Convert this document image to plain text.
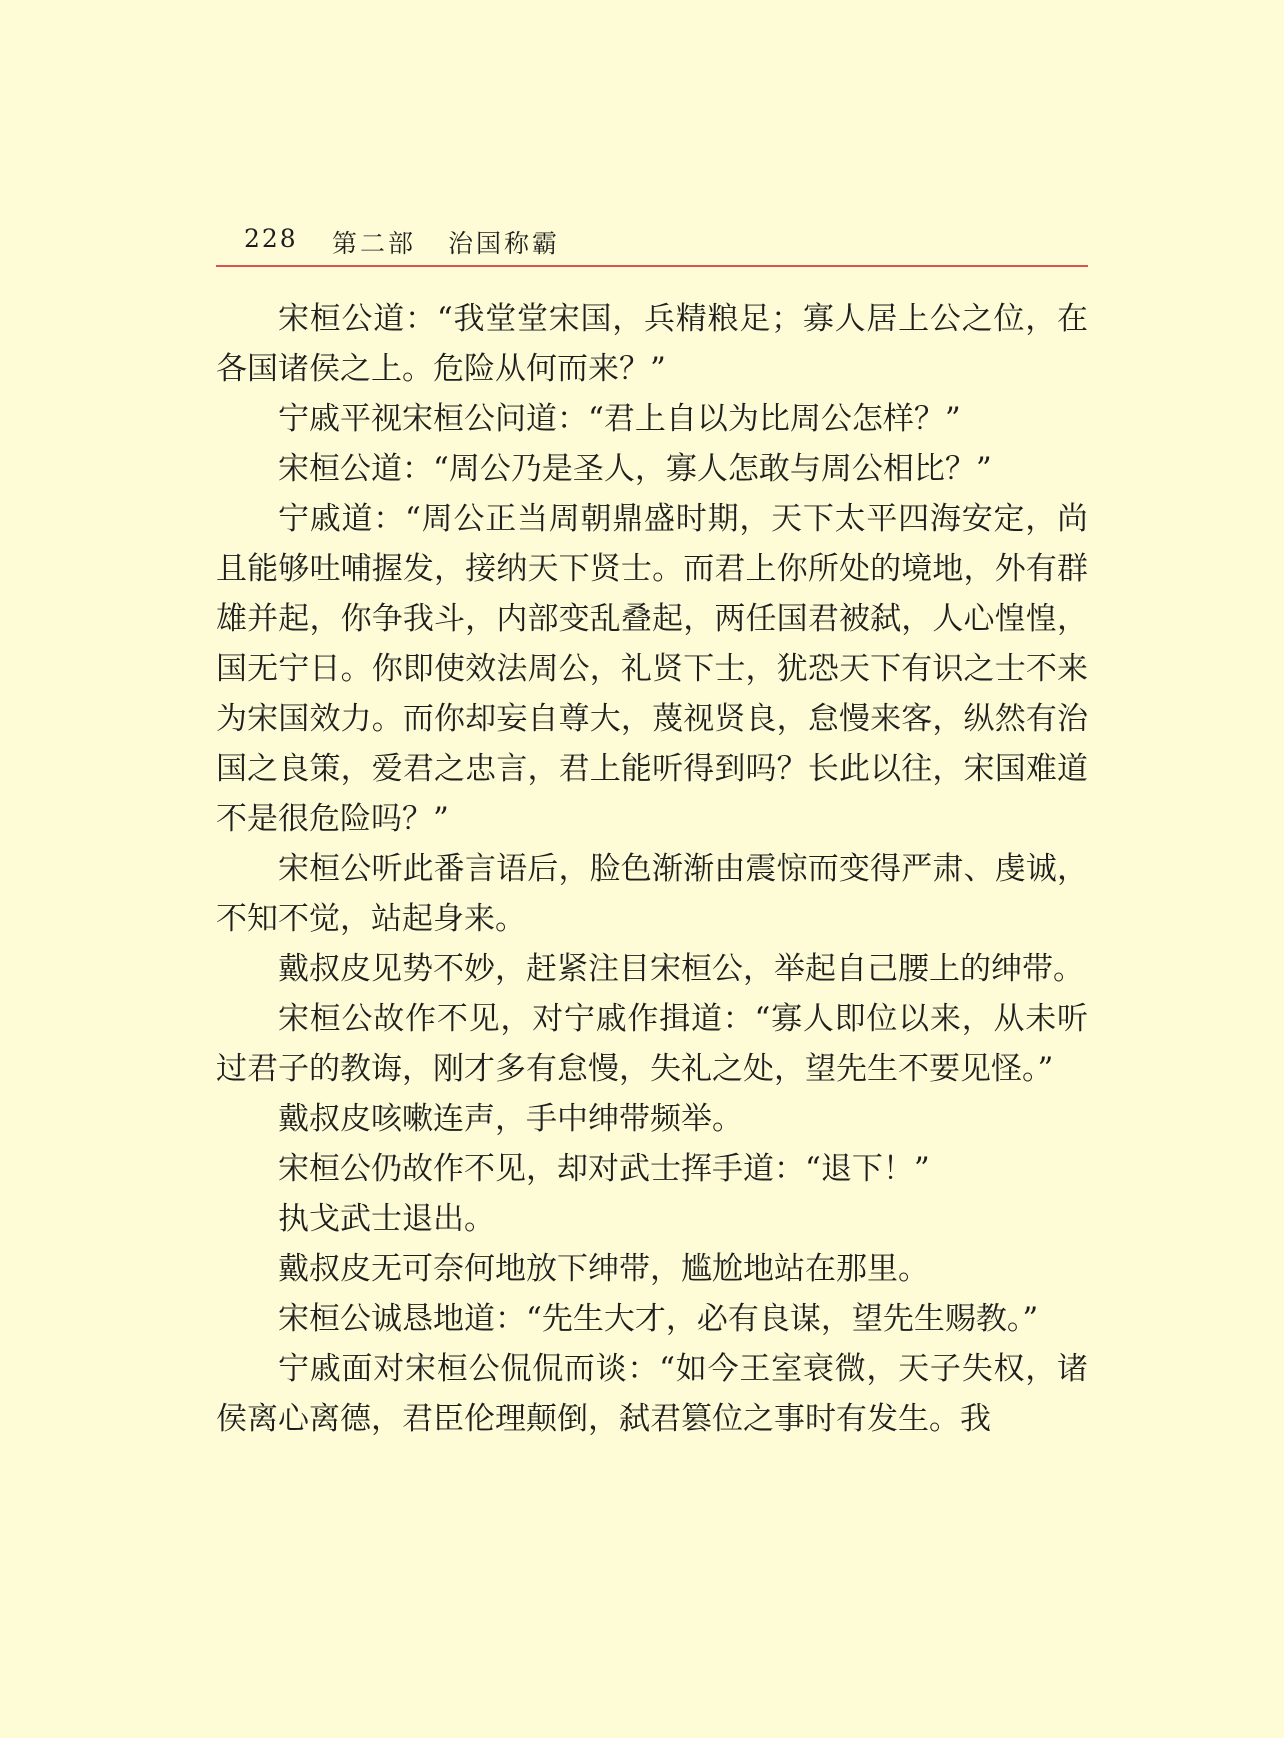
228 第二部 治国称霸

宋桓公道：“我堂堂宋国，兵精粮足；寡人居上公之位，在各国诸侯之上。危险从何而来？”

宁戚平视宋桓公问道：“君上自以为比周公怎样？”

宋桓公道：“周公乃是圣人，寡人怎敢与周公相比？”

宁戚道：“周公正当周朝鼎盛时期，天下太平四海安定，尚且能够吐哺握发，接纳天下贤士。而君上你所处的境地，外有群雄并起，你争我斗，内部变乱叠起，两任国君被弑，人心惶惶，国无宁日。你即使效法周公，礼贤下士，犹恐天下有识之士不来为宋国效力。而你却妄自尊大，蔑视贤良，怠慢来客，纵然有治国之良策，爱君之忠言，君上能听得到吗？长此以往，宋国难道不是很危险吗？”

宋桓公听此番言语后，脸色渐渐由震惊而变得严肃、虔诚，不知不觉，站起身来。

戴叔皮见势不妙，赶紧注目宋桓公，举起自己腰上的绅带。

宋桓公故作不见，对宁戚作揖道：“寡人即位以来，从未听过君子的教诲，刚才多有怠慢，失礼之处，望先生不要见怪。”

戴叔皮咳嗽连声，手中绅带频举。

宋桓公仍故作不见，却对武士挥手道：“退下！”

执戈武士退出。

戴叔皮无可奈何地放下绅带，尴尬地站在那里。

宋桓公诚恳地道：“先生大才，必有良谋，望先生赐教。”

宁戚面对宋桓公侃侃而谈：“如今王室衰微，天子失权，诸侯离心离德，君臣伦理颠倒，弑君篡位之事时有发生。我
